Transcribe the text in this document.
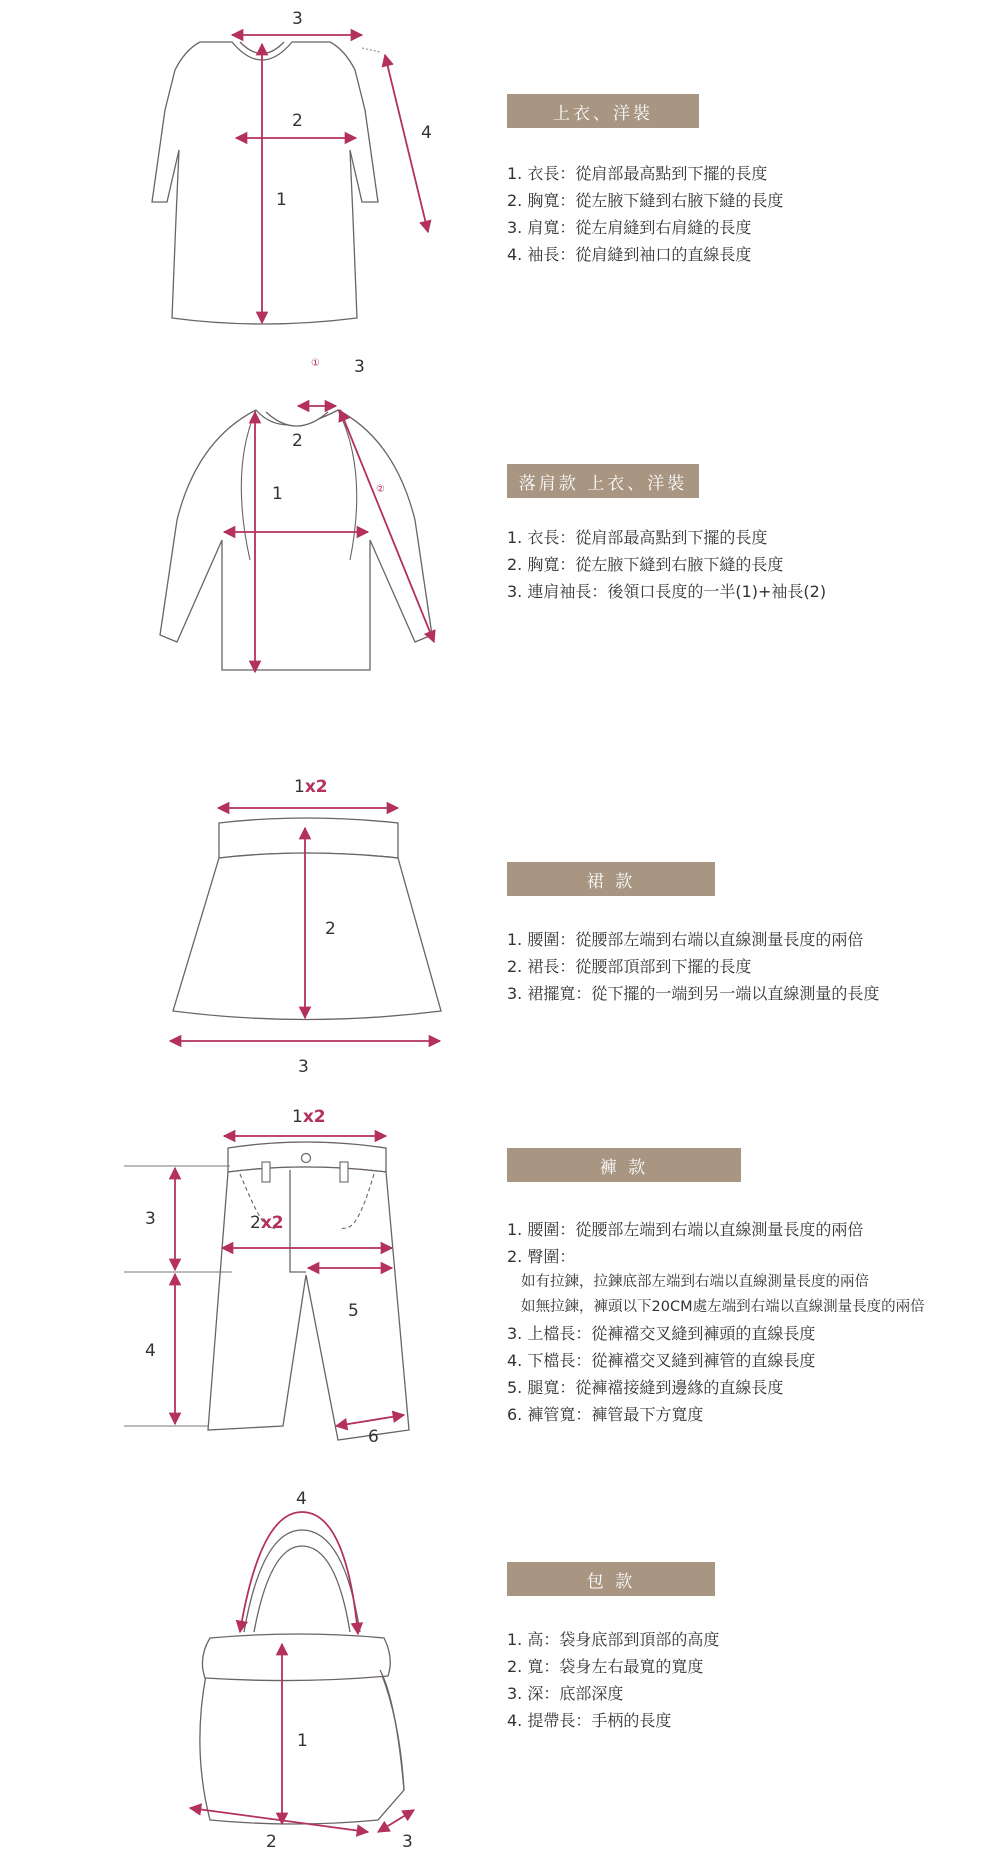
1
2
3
4
上衣、洋裝
1. 衣長：從肩部最高點到下擺的長度
2. 胸寬：從左腋下縫到右腋下縫的長度
3. 肩寬：從左肩縫到右肩縫的長度
4. 袖長：從肩縫到袖口的直線長度
1
2
3
①
②	落肩款 上衣、洋裝
1. 衣長：從肩部最高點到下擺的長度
2. 胸寬：從左腋下縫到右腋下縫的長度
3. 連肩袖長：後領口長度的一半(1)+袖長(2)
1x2
2
3
裙 款
1. 腰圍：從腰部左端到右端以直線測量長度的兩倍
2. 裙長：從腰部頂部到下擺的長度
3. 裙擺寬：從下擺的一端到另一端以直線測量的長度
1x2
2x2
3
4
5
6
褲 款
1. 腰圍：從腰部左端到右端以直線測量長度的兩倍
2. 臀圍：
如有拉鍊，拉鍊底部左端到右端以直線測量長度的兩倍
如無拉鍊，褲頭以下20CM處左端到右端以直線測量長度的兩倍
3. 上檔長：從褲襠交叉縫到褲頭的直線長度
4. 下檔長：從褲襠交叉縫到褲管的直線長度
5. 腿寬：從褲襠接縫到邊緣的直線長度
6. 褲管寬：褲管最下方寬度
4
1
2	3
包 款
1. 高：袋身底部到頂部的高度
2. 寬：袋身左右最寬的寬度
3. 深：底部深度
4. 提帶長：手柄的長度
